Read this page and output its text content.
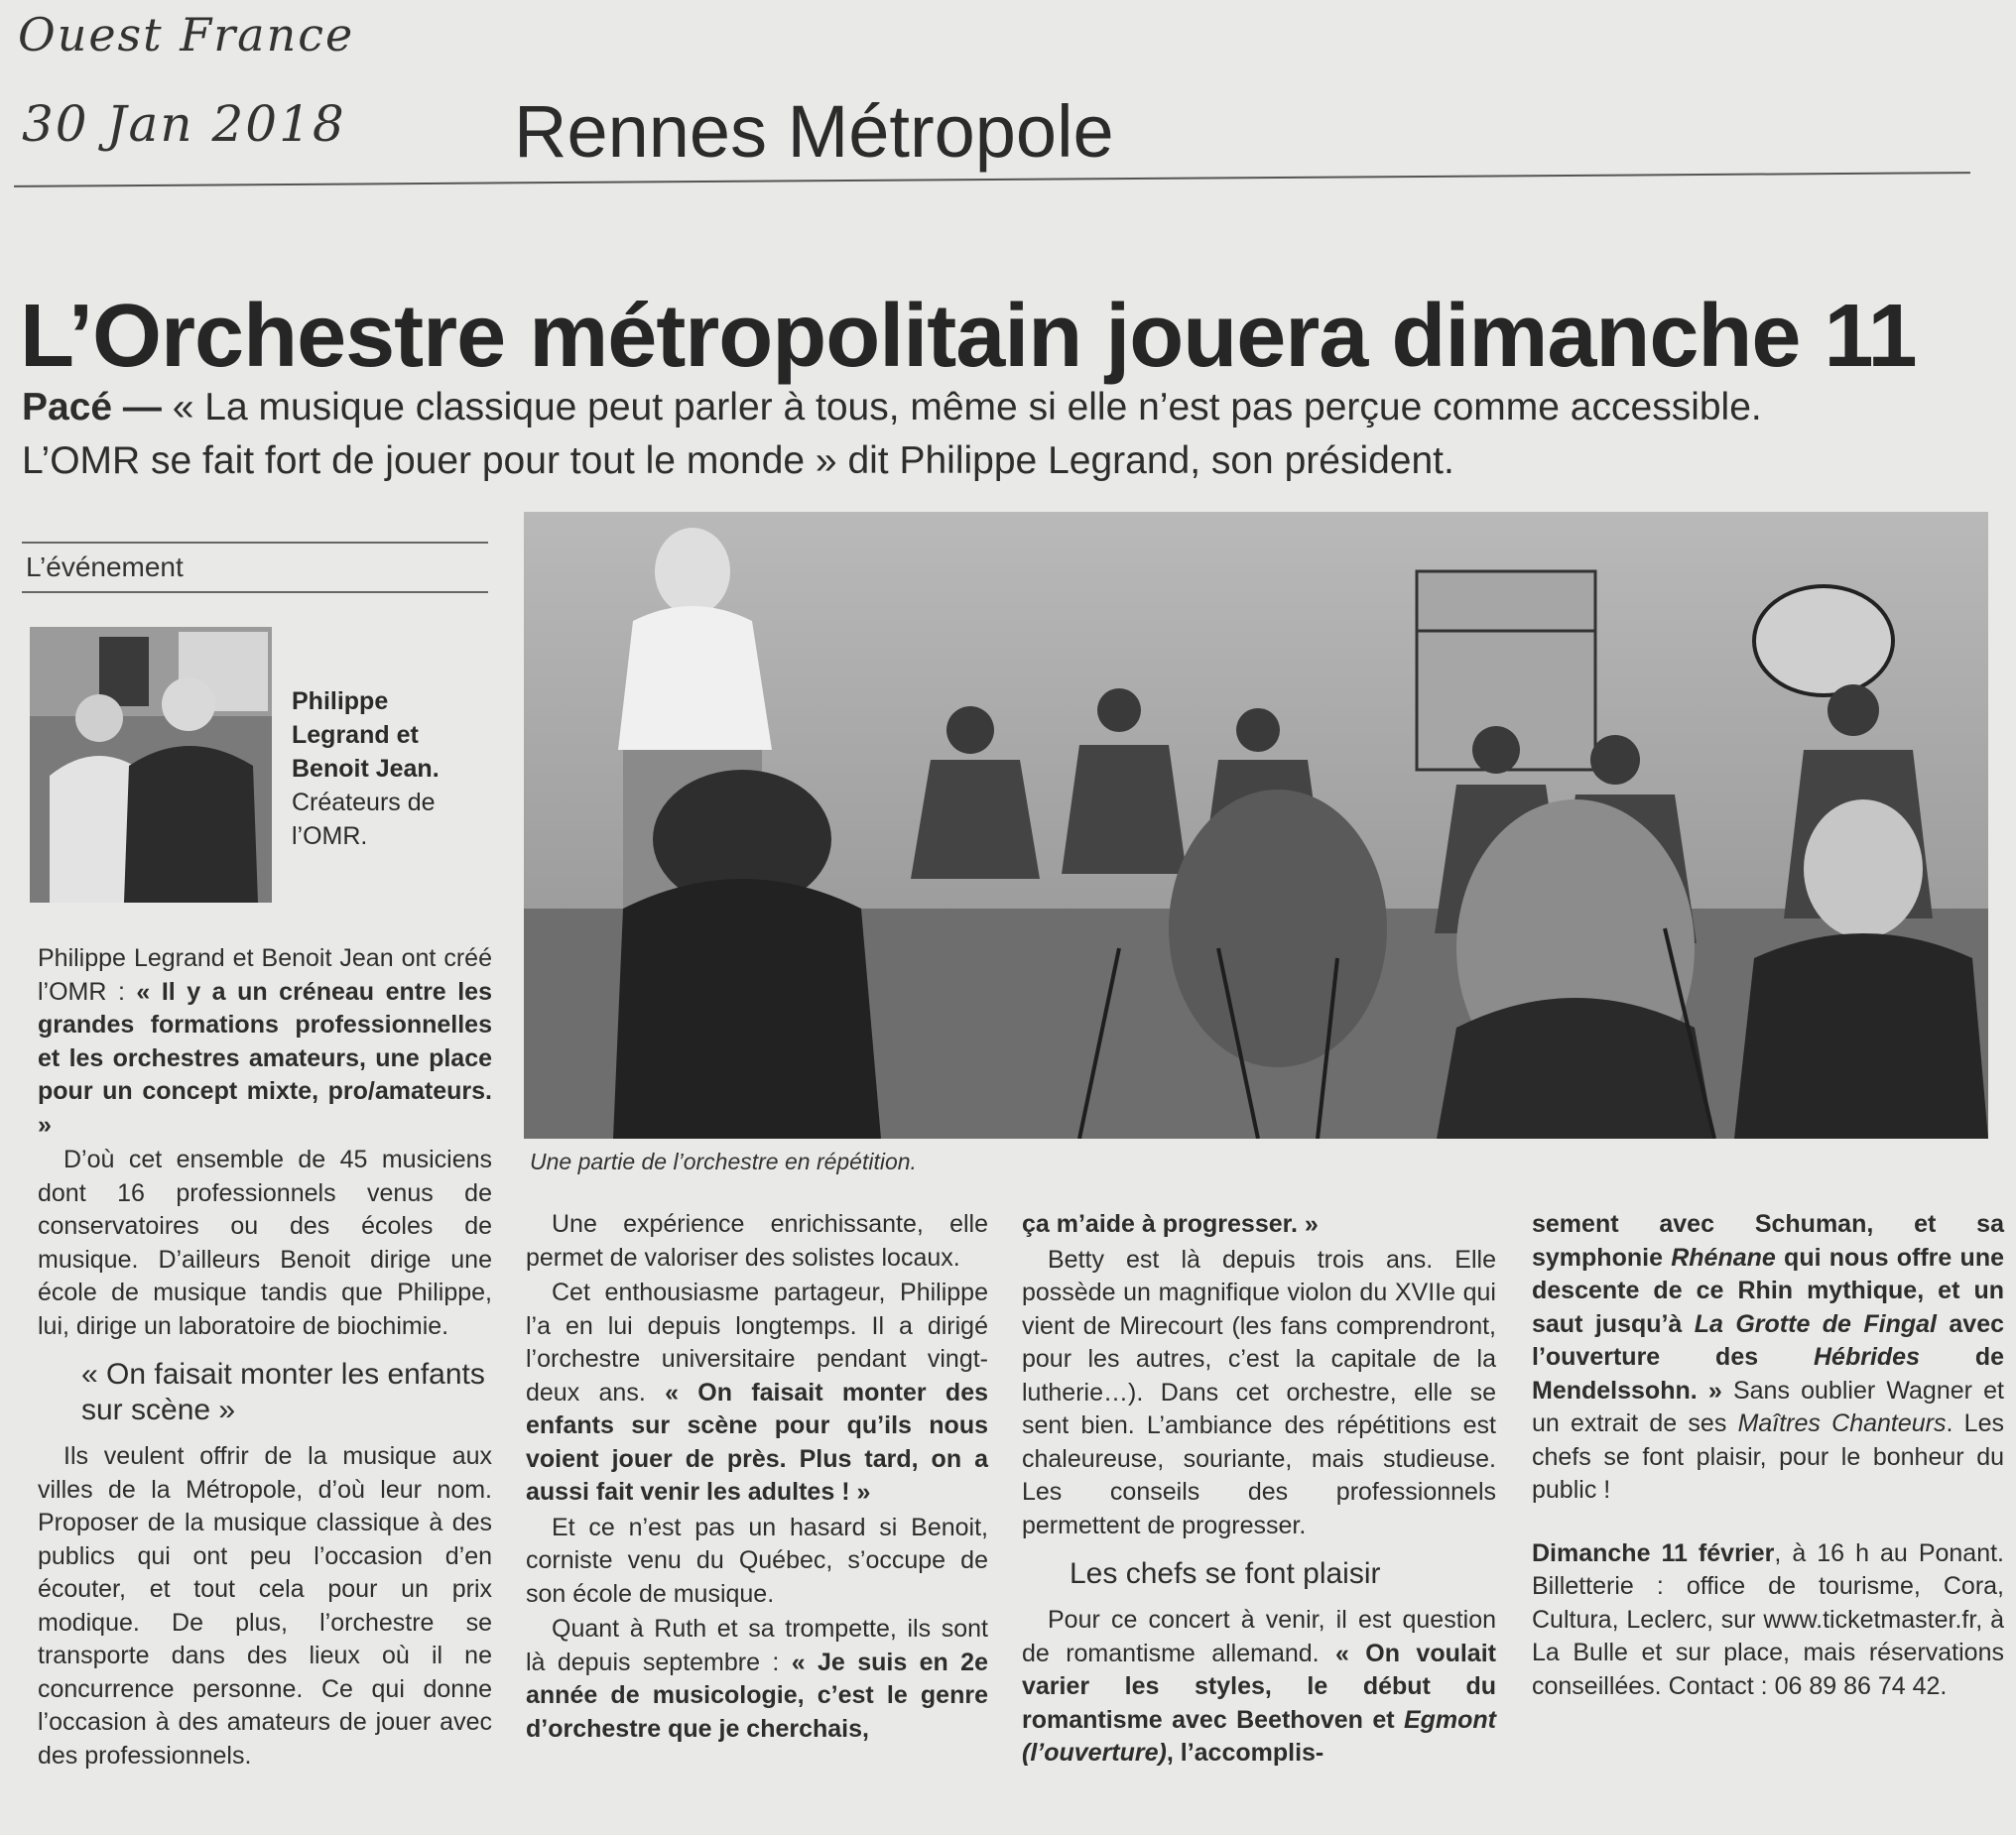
Ouest France
30 Jan 2018 Rennes Métropole
L’Orchestre métropolitain jouera dimanche 11
Pacé — « La musique classique peut parler à tous, même si elle n’est pas perçue comme accessible. L’OMR se fait fort de jouer pour tout le monde » dit Philippe Legrand, son président.
L’événement
Philippe Legrand et Benoit Jean.
Créateurs de l’OMR.
Une partie de l’orchestre en répétition.

Philippe Legrand et Benoit Jean ont créé l’OMR : « Il y a un créneau entre les grandes formations professionnelles et les orchestres amateurs, une place pour un concept mixte, pro/amateurs. »

D’où cet ensemble de 45 musiciens dont 16 professionnels venus de conservatoires ou des écoles de musique. D’ailleurs Benoit dirige une école de musique tandis que Philippe, lui, dirige un laboratoire de biochimie.

« On faisait monter les enfants sur scène »

Ils veulent offrir de la musique aux villes de la Métropole, d’où leur nom. Proposer de la musique classique à des publics qui ont peu l’occasion d’en écouter, et tout cela pour un prix modique. De plus, l’orchestre se transporte dans des lieux où il ne concurrence personne. Ce qui donne l’occasion à des amateurs de jouer avec des professionnels.

Une expérience enrichissante, elle permet de valoriser des solistes locaux.

Cet enthousiasme partageur, Philippe l’a en lui depuis longtemps. Il a dirigé l’orchestre universitaire pendant vingt-deux ans. « On faisait monter des enfants sur scène pour qu’ils nous voient jouer de près. Plus tard, on a aussi fait venir les adultes ! »

Et ce n’est pas un hasard si Benoit, corniste venu du Québec, s’occupe de son école de musique.

Quant à Ruth et sa trompette, ils sont là depuis septembre : « Je suis en 2e année de musicologie, c’est le genre d’orchestre que je cherchais,

ça m’aide à progresser. »

Betty est là depuis trois ans. Elle possède un magnifique violon du XVIIe qui vient de Mirecourt (les fans comprendront, pour les autres, c’est la capitale de la lutherie…). Dans cet orchestre, elle se sent bien. L’ambiance des répétitions est chaleureuse, souriante, mais studieuse. Les conseils des professionnels permettent de progresser.

Les chefs se font plaisir

Pour ce concert à venir, il est question de romantisme allemand. « On voulait varier les styles, le début du romantisme avec Beethoven et Egmont (l’ouverture), l’accomplis-

sement avec Schuman, et sa symphonie Rhénane qui nous offre une descente de ce Rhin mythique, et un saut jusqu’à La Grotte de Fingal avec l’ouverture des Hébrides de Mendelssohn. » Sans oublier Wagner et un extrait de ses Maîtres Chanteurs. Les chefs se font plaisir, pour le bonheur du public !

Dimanche 11 février, à 16 h au Ponant. Billetterie : office de tourisme, Cora, Cultura, Leclerc, sur www.ticketmaster.fr, à La Bulle et sur place, mais réservations conseillées. Contact : 06 89 86 74 42.
